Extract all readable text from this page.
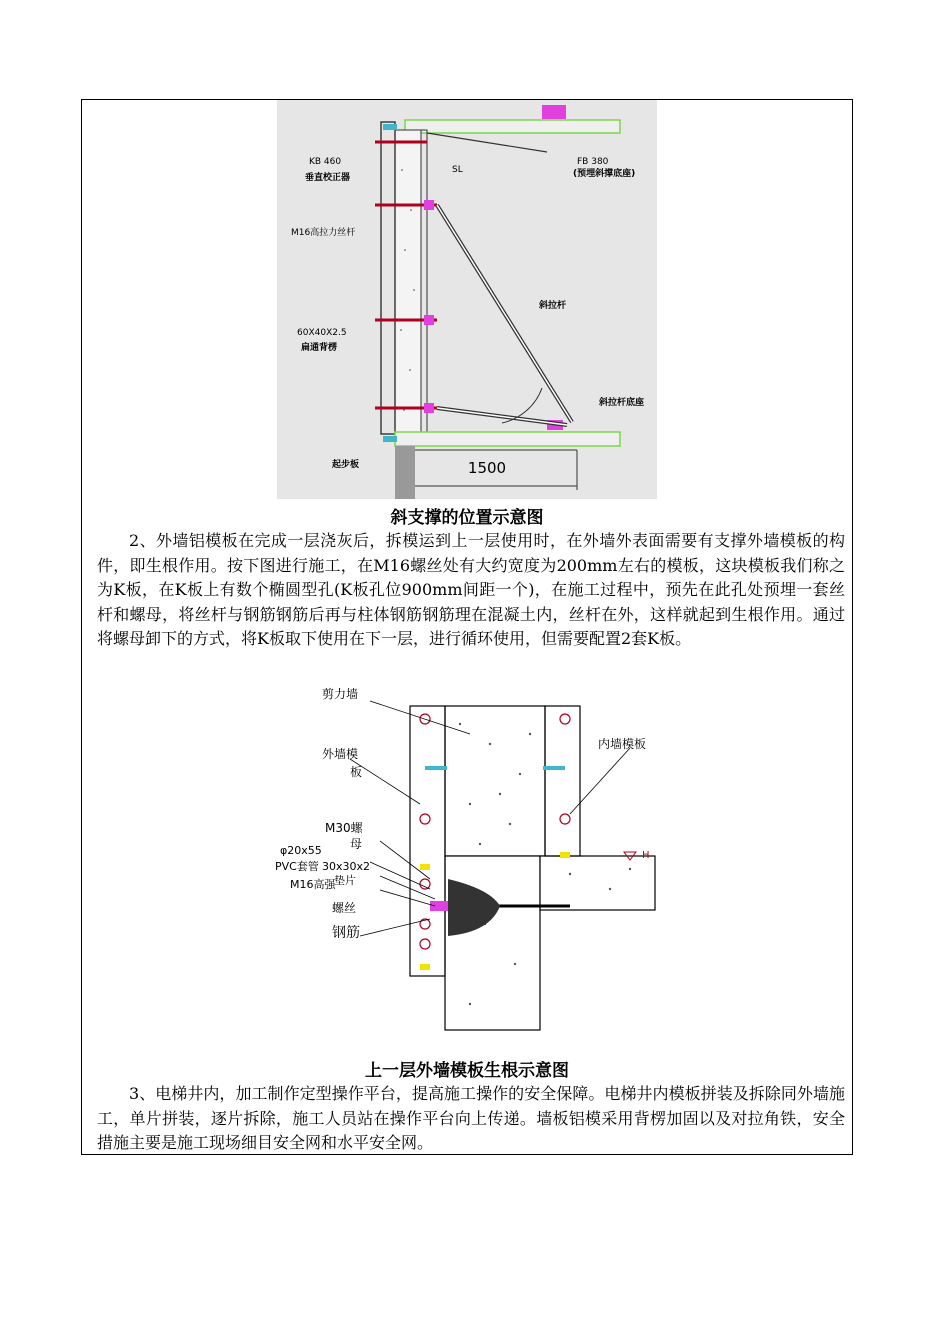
1500
KB 460
垂直校正器
SL
FB 380
(预埋斜撑底座)
M16高拉力丝杆
斜拉杆
60X40X2.5
扁通背楞
斜拉杆底座
起步板
斜支撑的位置示意图

2、外墙铝模板在完成一层浇灰后，拆模运到上一层使用时，在外墙外表面需要有支撑外墙模板的构件，即生根作用。按下图进行施工，在M16螺丝处有大约宽度为200mm左右的模板，这块模板我们称之为K板，在K板上有数个椭圆型孔(K板孔位900mm间距一个)，在施工过程中，预先在此孔处预埋一套丝杆和螺母，将丝杆与钢筋钢筋后再与柱体钢筋钢筋理在混凝土内，丝杆在外，这样就起到生根作用。通过将螺母卸下的方式，将K板取下使用在下一层，进行循环使用，但需要配置2套K板。

H
剪力墙
外墙模
板
内墙模板
M30螺
母
φ20x55
PVC套管 30x30x2
M16高强
垫片
螺丝
钢筋
上一层外墙模板生根示意图

3、电梯井内，加工制作定型操作平台，提高施工操作的安全保障。电梯井内模板拼装及拆除同外墙施工，单片拼装，逐片拆除，施工人员站在操作平台向上传递。墙板铝模采用背楞加固以及对拉角铁，安全措施主要是施工现场细目安全网和水平安全网。
